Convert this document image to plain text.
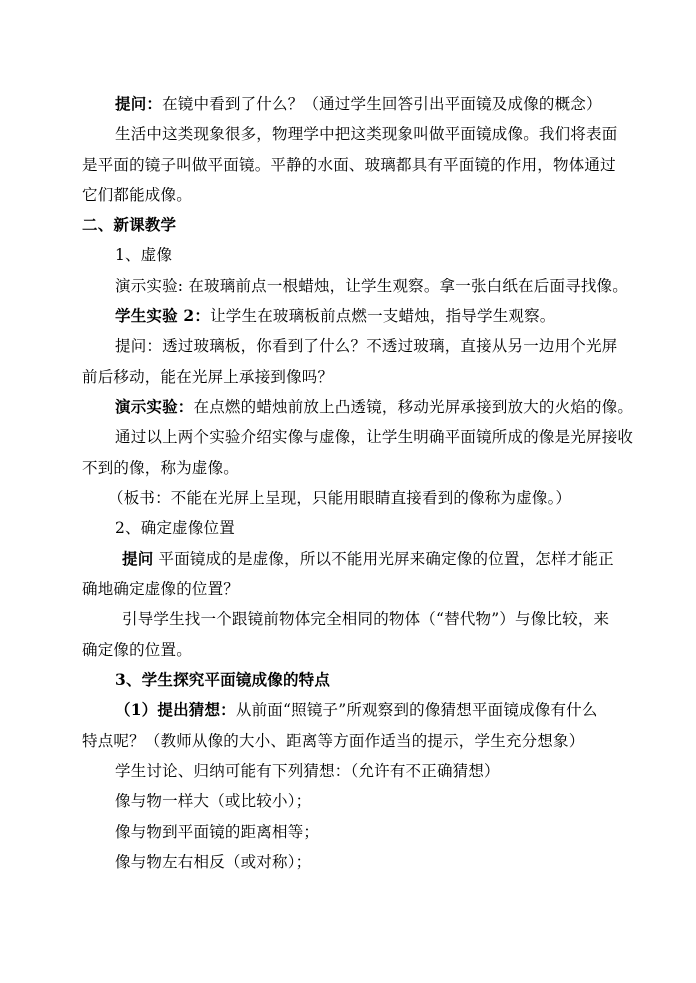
提问：在镜中看到了什么？（通过学生回答引出平面镜及成像的概念）
生活中这类现象很多，物理学中把这类现象叫做平面镜成像。我们将表面
是平面的镜子叫做平面镜。平静的水面、玻璃都具有平面镜的作用，物体通过
它们都能成像。
二、新课教学
1、虚像
演示实验: 在玻璃前点一根蜡烛，让学生观察。拿一张白纸在后面寻找像。
学生实验 2：让学生在玻璃板前点燃一支蜡烛，指导学生观察。
提问：透过玻璃板，你看到了什么？不透过玻璃，直接从另一边用个光屏
前后移动，能在光屏上承接到像吗？
演示实验：在点燃的蜡烛前放上凸透镜，移动光屏承接到放大的火焰的像。
通过以上两个实验介绍实像与虚像，让学生明确平面镜所成的像是光屏接收
不到的像，称为虚像。
（板书：不能在光屏上呈现，只能用眼睛直接看到的像称为虚像。）
2、确定虚像位置
提问 平面镜成的是虚像，所以不能用光屏来确定像的位置，怎样才能正
确地确定虚像的位置？
引导学生找一个跟镜前物体完全相同的物体（“替代物”）与像比较，来
确定像的位置。
3、学生探究平面镜成像的特点
（1）提出猜想：从前面“照镜子”所观察到的像猜想平面镜成像有什么
特点呢？（教师从像的大小、距离等方面作适当的提示，学生充分想象）
学生讨论、归纳可能有下列猜想：（允许有不正确猜想）
像与物一样大（或比较小）；
像与物到平面镜的距离相等；
像与物左右相反（或对称）；
